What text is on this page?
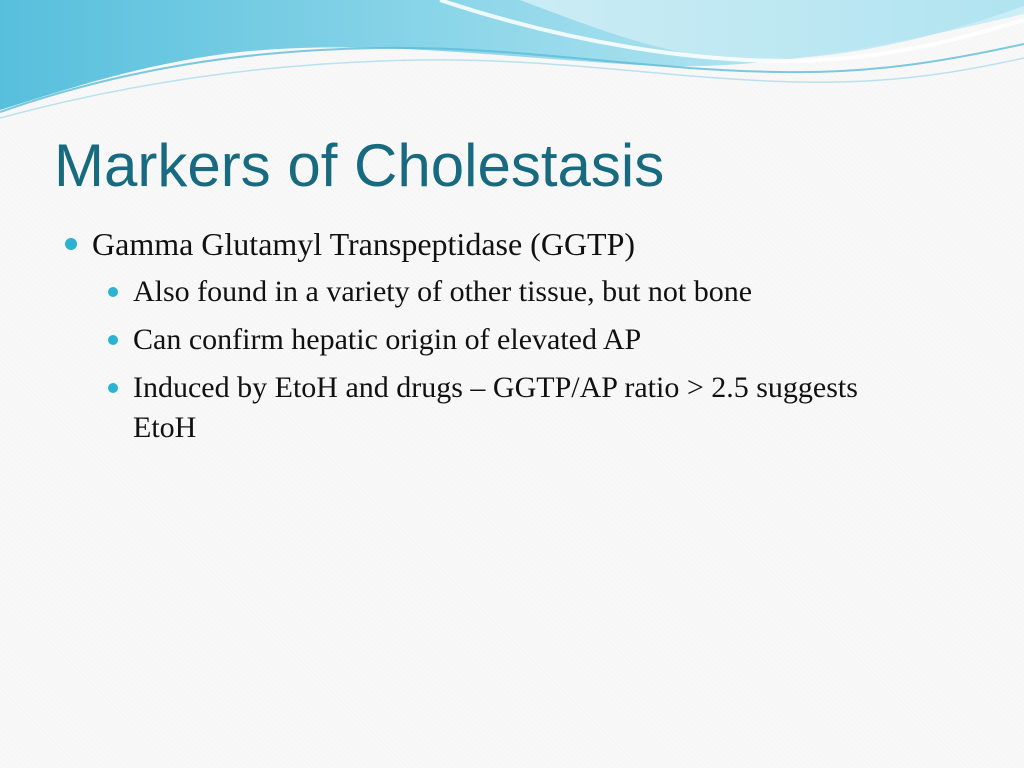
Markers of Cholestasis
Gamma Glutamyl Transpeptidase (GGTP)
Also found in a variety of other tissue, but not bone
Can confirm hepatic origin of elevated AP
Induced by EtoH and drugs – GGTP/AP ratio > 2.5 suggests EtoH
